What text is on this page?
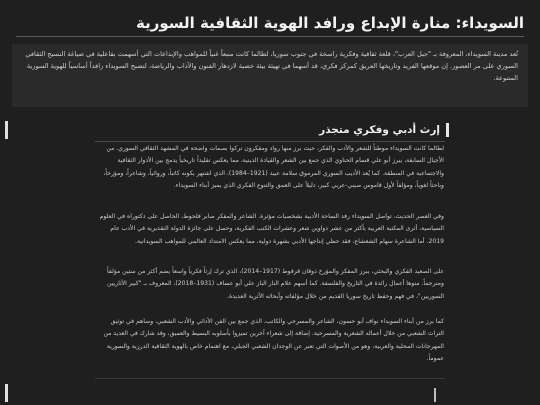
السويداء: منارة الإبداع ورافد الهوية الثقافية السورية

تُعد مدينة السويداء، المعروفة بـ "جبل العرب"، قلعة ثقافية وفكرية راسخة في جنوب سوريا، لطالما كانت منبعاً غنياً للمواهب والإبداعات التي أسهمت بفاعلية في صياغة النسيج الثقافي السوري على مر العصور. إن موقعها الفريد وتاريخها العريق كمركز فكري، قد أسهما في تهيئة بيئة خصبة لازدهار الفنون والآداب والرياضة، لتصبح السويداء رافداً أساسياً للهوية السورية المتنوعة.

إرث أدبي وفكري متجذر

لطالما كانت السويداء موطناً للشعر والأدب والفكر، حيث برز منها رواد ومفكرون تركوا بصمات واضحة في المشهد الثقافي السوري. من الأجيال السابقة، يبرز أبو علي قسام الحناوي الذي جمع بين الشعر والقيادة الدينية، مما يعكس تقليداً تاريخياً يدمج بين الأدوار الثقافية والاجتماعية في المنطقة. كما يُعد الأديب السوري المرموق سلامة عبيد (1921–1984)، الذي اشتهر بكونه كاتباً، وروائياً، وشاعراً، ومؤرخاً، وباحثاً لغوياً، ومؤلفاً لأول قاموس صيني-عربي كبير، دليلاً على العمق والتنوع الفكري الذي يميز أبناء السويداء.

وفي العصر الحديث، تواصل السويداء رفد الساحة الأدبية بشخصيات مؤثرة. الشاعر والمفكر صابر فلحوط، الحاصل على دكتوراه في العلوم السياسية، أثرى المكتبة العربية بأكثر من عشر دواوين شعر وعشرات الكتب الفكرية، وحصل على جائزة الدولة التقديرية في الأدب عام 2019. أما الشاعرة سهام الشعشاع، فقد حظي إنتاجها الأدبي بشهرة دولية، مما يعكس الامتداد العالمي للمواهب السويدانية.

على الصعيد الفكري والبحثي، يبرز المفكر والمؤرخ ذوقان قرقوط (1917–2014)، الذي ترك إرثاً فكرياً واسعاً يضم أكثر من ستين مؤلفاً ومترجماً. منوها أعمال رائدة في التاريخ والفلسفة. كما أسهم علام النار الباز علي أبو عساف (1931–2018)، المعروف بـ "كبير الأثاريين السوريين"، في فهم وحفظ تاريخ سوريا القديم من خلال مؤلفاته وأبحاثه الأثرية العديدة.

كما برز من أبناء السويداء نواف أبو حسون، الشاعر والمسرحي والكاتب، الذي جمع بين الفن الأدائي والأدب الشعبي، وساهم في توثيق التراث الشعبي من خلال أعماله الشعرية والمسرحية. إضافة إلى شعراء آخرين تميزوا بأسلوبه البسيط والعميق، وقد شارك في العديد من المهرجانات المحلية والعربية، وهو من الأصوات التي تعبر عن الوجدان الشعبي الجبلي، مع اهتمام خاص بالهوية الثقافية الدرزية والسورية عموماً.
